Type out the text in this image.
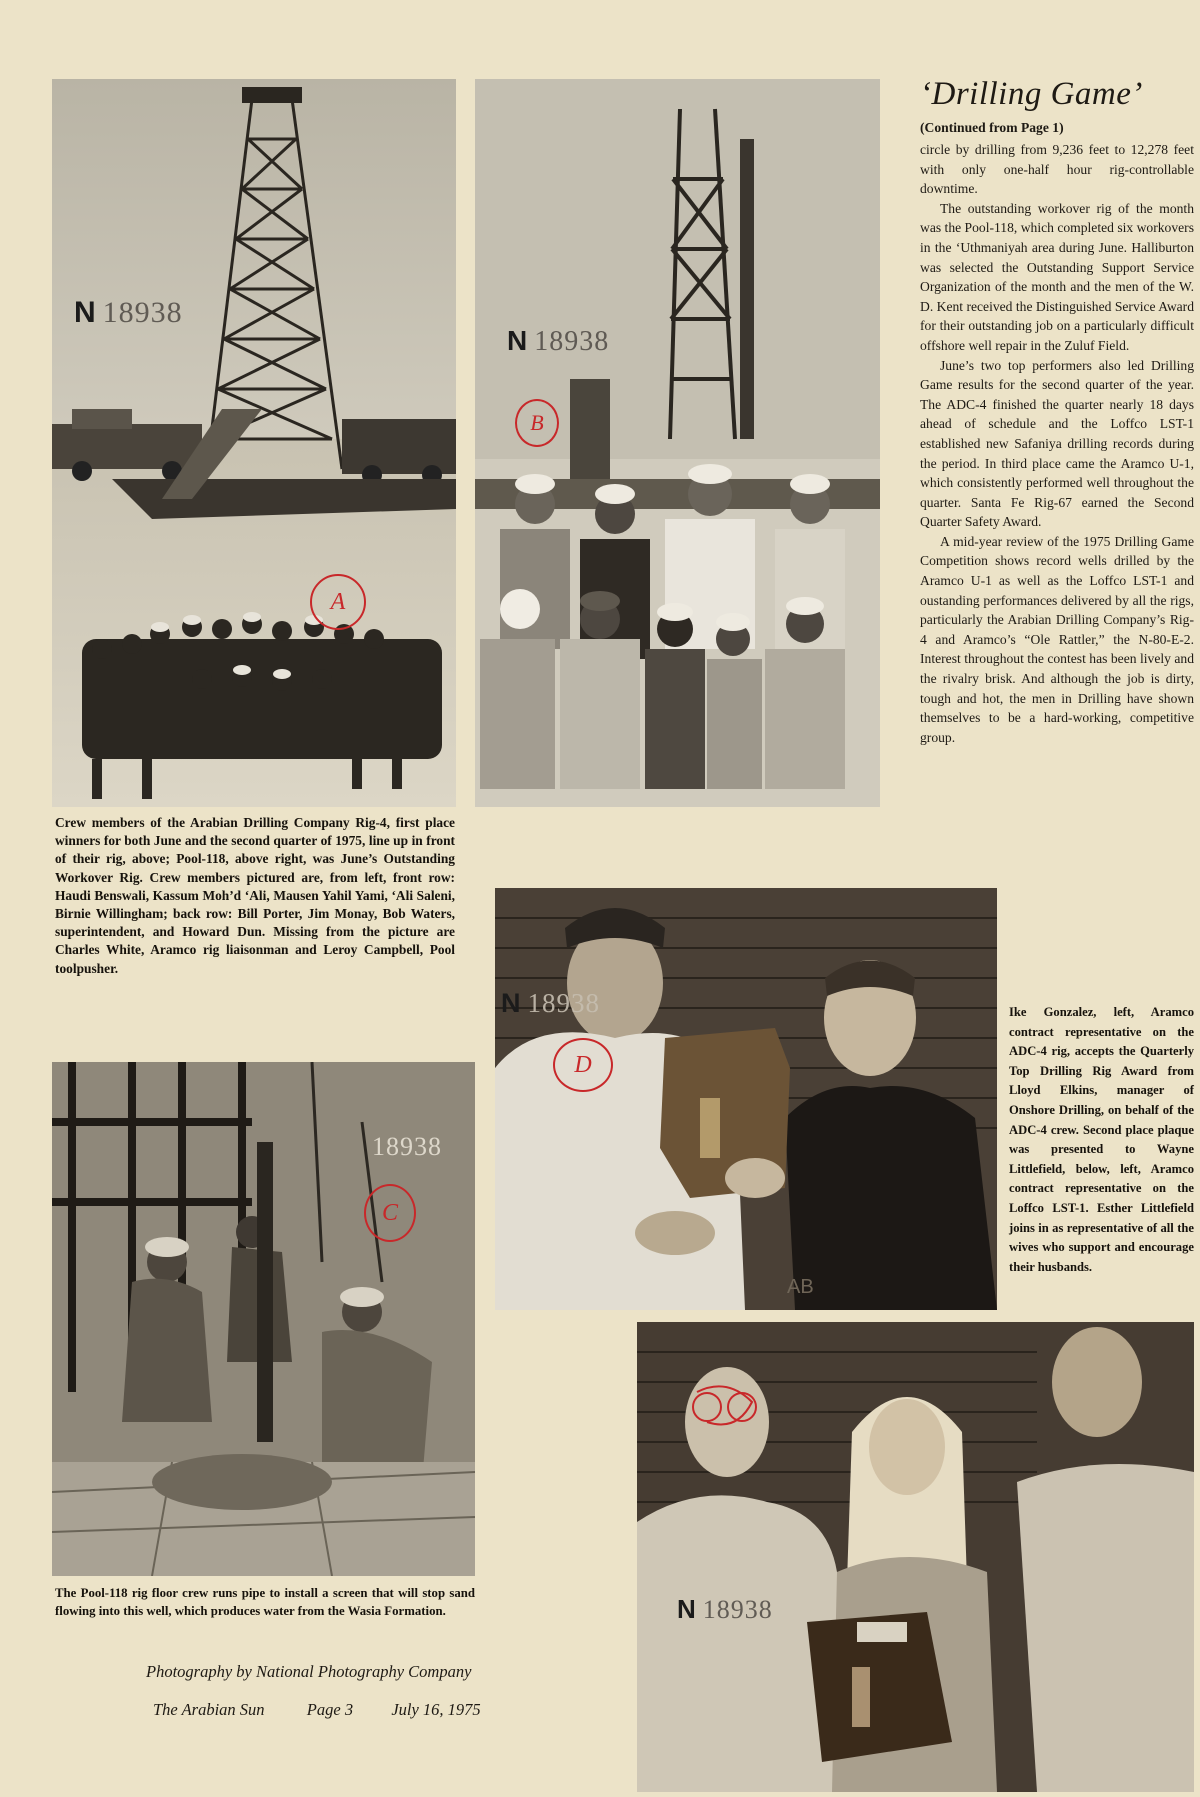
N 18938
A
N 18938
B
‘Drilling Game’
(Continued from Page 1)

circle by drilling from 9,236 feet to 12,278 feet with only one-half hour rig-controllable downtime.

The outstanding workover rig of the month was the Pool-118, which completed six workovers in the ‘Uthmaniyah area during June. Halliburton was selected the Outstanding Support Service Organization of the month and the men of the W. D. Kent received the Distinguished Service Award for their outstanding job on a particularly difficult offshore well repair in the Zuluf Field.

June’s two top performers also led Drilling Game results for the second quarter of the year. The ADC-4 finished the quarter nearly 18 days ahead of schedule and the Loffco LST-1 established new Safaniya drilling records during the period. In third place came the Aramco U-1, which consistently performed well throughout the quarter. Santa Fe Rig-67 earned the Second Quarter Safety Award.

A mid-year review of the 1975 Drilling Game Competition shows record wells drilled by the Aramco U-1 as well as the Loffco LST-1 and oustanding performances delivered by all the rigs, particularly the Arabian Drilling Company’s Rig-4 and Aramco’s “Ole Rattler,” the N-80-E-2. Interest throughout the contest has been lively and the rivalry brisk. And although the job is dirty, tough and hot, the men in Drilling have shown themselves to be a hard-working, competitive group.

Crew members of the Arabian Drilling Company Rig-4, first place winners for both June and the second quarter of 1975, line up in front of their rig, above; Pool-118, above right, was June’s Outstanding Workover Rig. Crew members pictured are, from left, front row: Haudi Benswali, Kassum Moh’d ‘Ali, Mausen Yahil Yami, ‘Ali Saleni, Birnie Willingham; back row: Bill Porter, Jim Monay, Bob Waters, superintendent, and Howard Dun. Missing from the picture are Charles White, Aramco rig liaisonman and Leroy Campbell, Pool toolpusher.

N 18938
D
AB

Ike Gonzalez, left, Aramco contract representative on the ADC-4 rig, accepts the Quarterly Top Drilling Rig Award from Lloyd Elkins, manager of Onshore Drilling, on behalf of the ADC-4 crew. Second place plaque was presented to Wayne Littlefield, below, left, Aramco contract representative on the Loffco LST-1. Esther Littlefield joins in as representative of all the wives who support and encourage their husbands.

18938
C

The Pool-118 rig floor crew runs pipe to install a screen that will stop sand flowing into this well, which produces water from the Wasia Formation.	N 18938
Photography by National Photography Company
The Arabian Sun	Page 3 July 16, 1975
